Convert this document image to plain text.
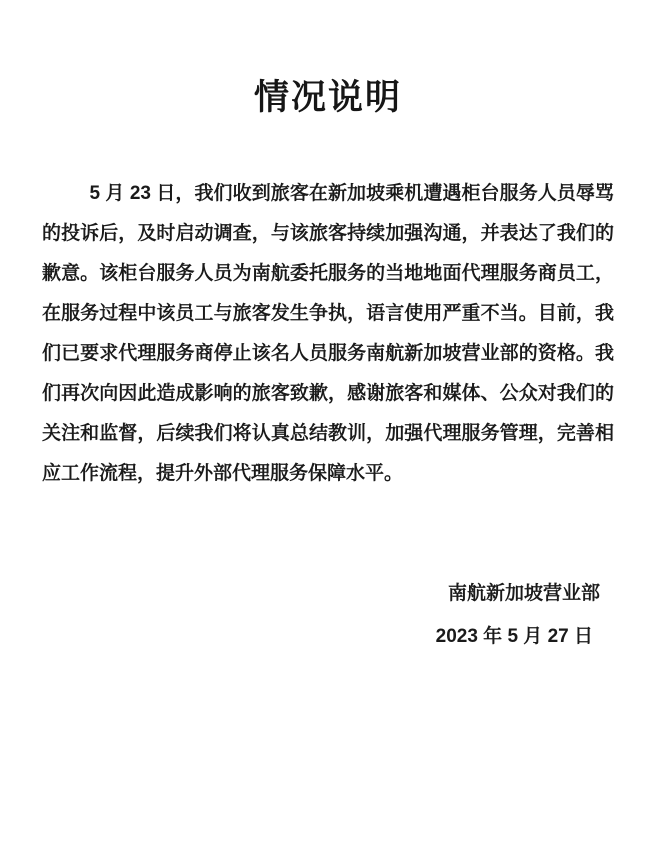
情况说明
5 月 23 日，我们收到旅客在新加坡乘机遭遇柜台服务人员辱骂
的投诉后，及时启动调查，与该旅客持续加强沟通，并表达了我们的
歉意。该柜台服务人员为南航委托服务的当地地面代理服务商员工，
在服务过程中该员工与旅客发生争执，语言使用严重不当。目前，我
们已要求代理服务商停止该名人员服务南航新加坡营业部的资格。我
们再次向因此造成影响的旅客致歉，感谢旅客和媒体、公众对我们的
关注和监督，后续我们将认真总结教训，加强代理服务管理，完善相
应工作流程，提升外部代理服务保障水平。
南航新加坡营业部
2023 年 5 月 27 日
